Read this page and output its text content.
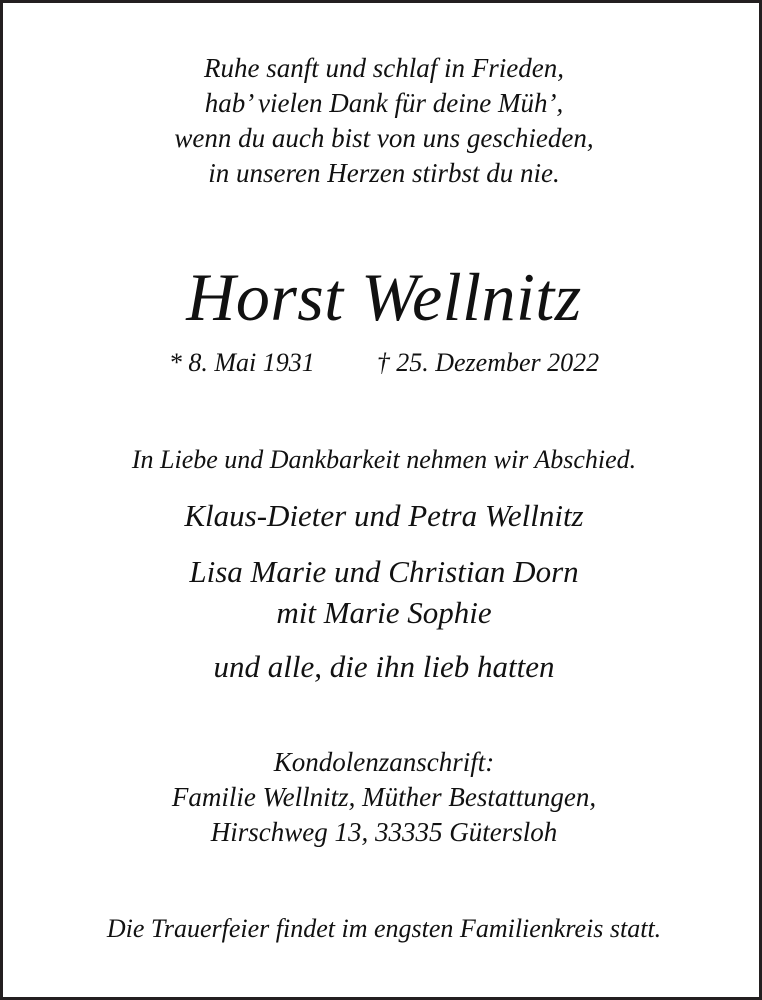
Ruhe sanft und schlaf in Frieden,
hab’ vielen Dank für deine Müh’,
wenn du auch bist von uns geschieden,
in unseren Herzen stirbst du nie.
Horst Wellnitz
* 8. Mai 1931 † 25. Dezember 2022
In Liebe und Dankbarkeit nehmen wir Abschied.
Klaus-Dieter und Petra Wellnitz
Lisa Marie und Christian Dorn
mit Marie Sophie
und alle, die ihn lieb hatten
Kondolenzanschrift:
Familie Wellnitz, Müther Bestattungen,
Hirschweg 13, 33335 Gütersloh
Die Trauerfeier findet im engsten Familienkreis statt.
